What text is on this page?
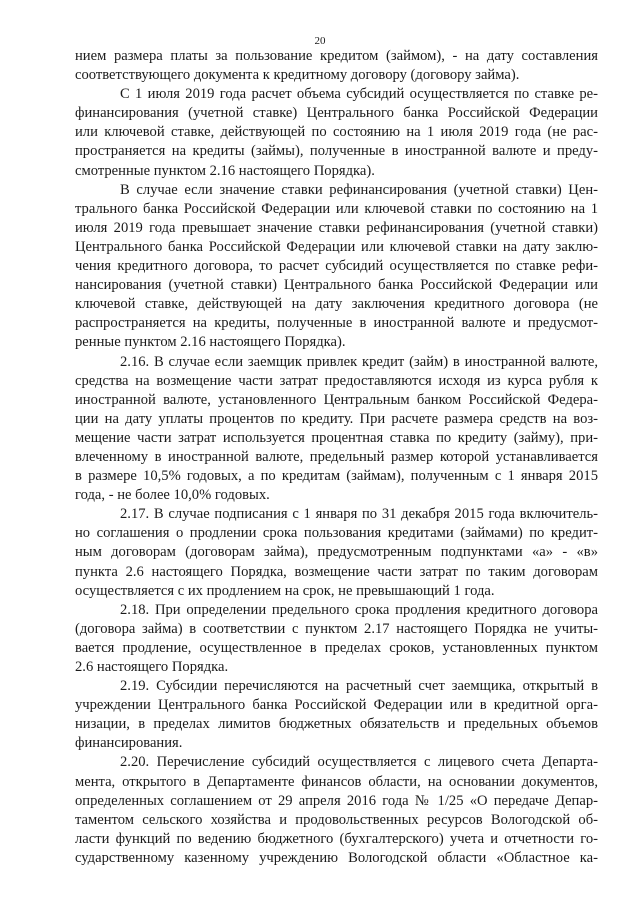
20
нием размера платы за пользование кредитом (займом), - на дату составления
соответствующего документа к кредитному договору (договору займа).
С 1 июля 2019 года расчет объема субсидий осуществляется по ставке ре-
финансирования (учетной ставке) Центрального банка Российской Федерации
или ключевой ставке, действующей по состоянию на 1 июля 2019 года (не рас-
пространяется на кредиты (займы), полученные в иностранной валюте и преду-
смотренные пунктом 2.16 настоящего Порядка).
В случае если значение ставки рефинансирования (учетной ставки) Цен-
трального банка Российской Федерации или ключевой ставки по состоянию на 1
июля 2019 года превышает значение ставки рефинансирования (учетной ставки)
Центрального банка Российской Федерации или ключевой ставки на дату заклю-
чения кредитного договора, то расчет субсидий осуществляется по ставке рефи-
нансирования (учетной ставки) Центрального банка Российской Федерации или
ключевой ставке, действующей на дату заключения кредитного договора (не
распространяется на кредиты, полученные в иностранной валюте и предусмот-
ренные пунктом 2.16 настоящего Порядка).
2.16. В случае если заемщик привлек кредит (займ) в иностранной валюте,
средства на возмещение части затрат предоставляются исходя из курса рубля к
иностранной валюте, установленного Центральным банком Российской Федера-
ции на дату уплаты процентов по кредиту. При расчете размера средств на воз-
мещение части затрат используется процентная ставка по кредиту (займу), при-
влеченному в иностранной валюте, предельный размер которой устанавливается
в размере 10,5% годовых, а по кредитам (займам), полученным с 1 января 2015
года, - не более 10,0% годовых.
2.17. В случае подписания с 1 января по 31 декабря 2015 года включитель-
но соглашения о продлении срока пользования кредитами (займами) по кредит-
ным договорам (договорам займа), предусмотренным подпунктами «а» - «в»
пункта 2.6 настоящего Порядка, возмещение части затрат по таким договорам
осуществляется с их продлением на срок, не превышающий 1 года.
2.18. При определении предельного срока продления кредитного договора
(договора займа) в соответствии с пунктом 2.17 настоящего Порядка не учиты-
вается продление, осуществленное в пределах сроков, установленных пунктом
2.6 настоящего Порядка.
2.19. Субсидии перечисляются на расчетный счет заемщика, открытый в
учреждении Центрального банка Российской Федерации или в кредитной орга-
низации, в пределах лимитов бюджетных обязательств и предельных объемов
финансирования.
2.20. Перечисление субсидий осуществляется с лицевого счета Департа-
мента, открытого в Департаменте финансов области, на основании документов,
определенных соглашением от 29 апреля 2016 года № 1/25 «О передаче Депар-
таментом сельского хозяйства и продовольственных ресурсов Вологодской об-
ласти функций по ведению бюджетного (бухгалтерского) учета и отчетности го-
сударственному казенному учреждению Вологодской области «Областное ка-
